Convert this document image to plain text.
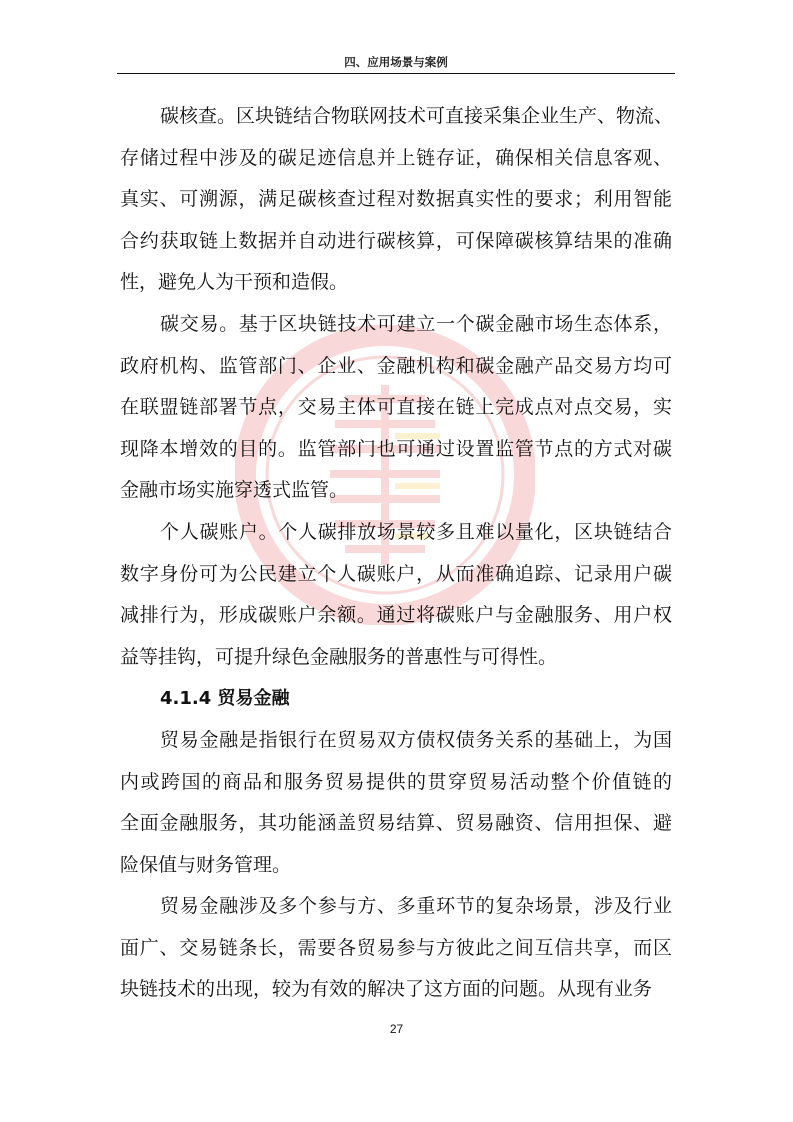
四、应用场景与案例
碳核查。区块链结合物联网技术可直接采集企业生产、物流、
存储过程中涉及的碳足迹信息并上链存证，确保相关信息客观、
真实、可溯源，满足碳核查过程对数据真实性的要求；利用智能
合约获取链上数据并自动进行碳核算，可保障碳核算结果的准确
性，避免人为干预和造假。
碳交易。基于区块链技术可建立一个碳金融市场生态体系，
政府机构、监管部门、企业、金融机构和碳金融产品交易方均可
在联盟链部署节点，交易主体可直接在链上完成点对点交易，实
现降本增效的目的。监管部门也可通过设置监管节点的方式对碳
金融市场实施穿透式监管。
个人碳账户。个人碳排放场景较多且难以量化，区块链结合
数字身份可为公民建立个人碳账户，从而准确追踪、记录用户碳
减排行为，形成碳账户余额。通过将碳账户与金融服务、用户权
益等挂钩，可提升绿色金融服务的普惠性与可得性。
4.1.4 贸易金融
贸易金融是指银行在贸易双方债权债务关系的基础上，为国
内或跨国的商品和服务贸易提供的贯穿贸易活动整个价值链的
全面金融服务，其功能涵盖贸易结算、贸易融资、信用担保、避
险保值与财务管理。
贸易金融涉及多个参与方、多重环节的复杂场景，涉及行业
面广、交易链条长，需要各贸易参与方彼此之间互信共享，而区
块链技术的出现，较为有效的解决了这方面的问题。从现有业务
27
